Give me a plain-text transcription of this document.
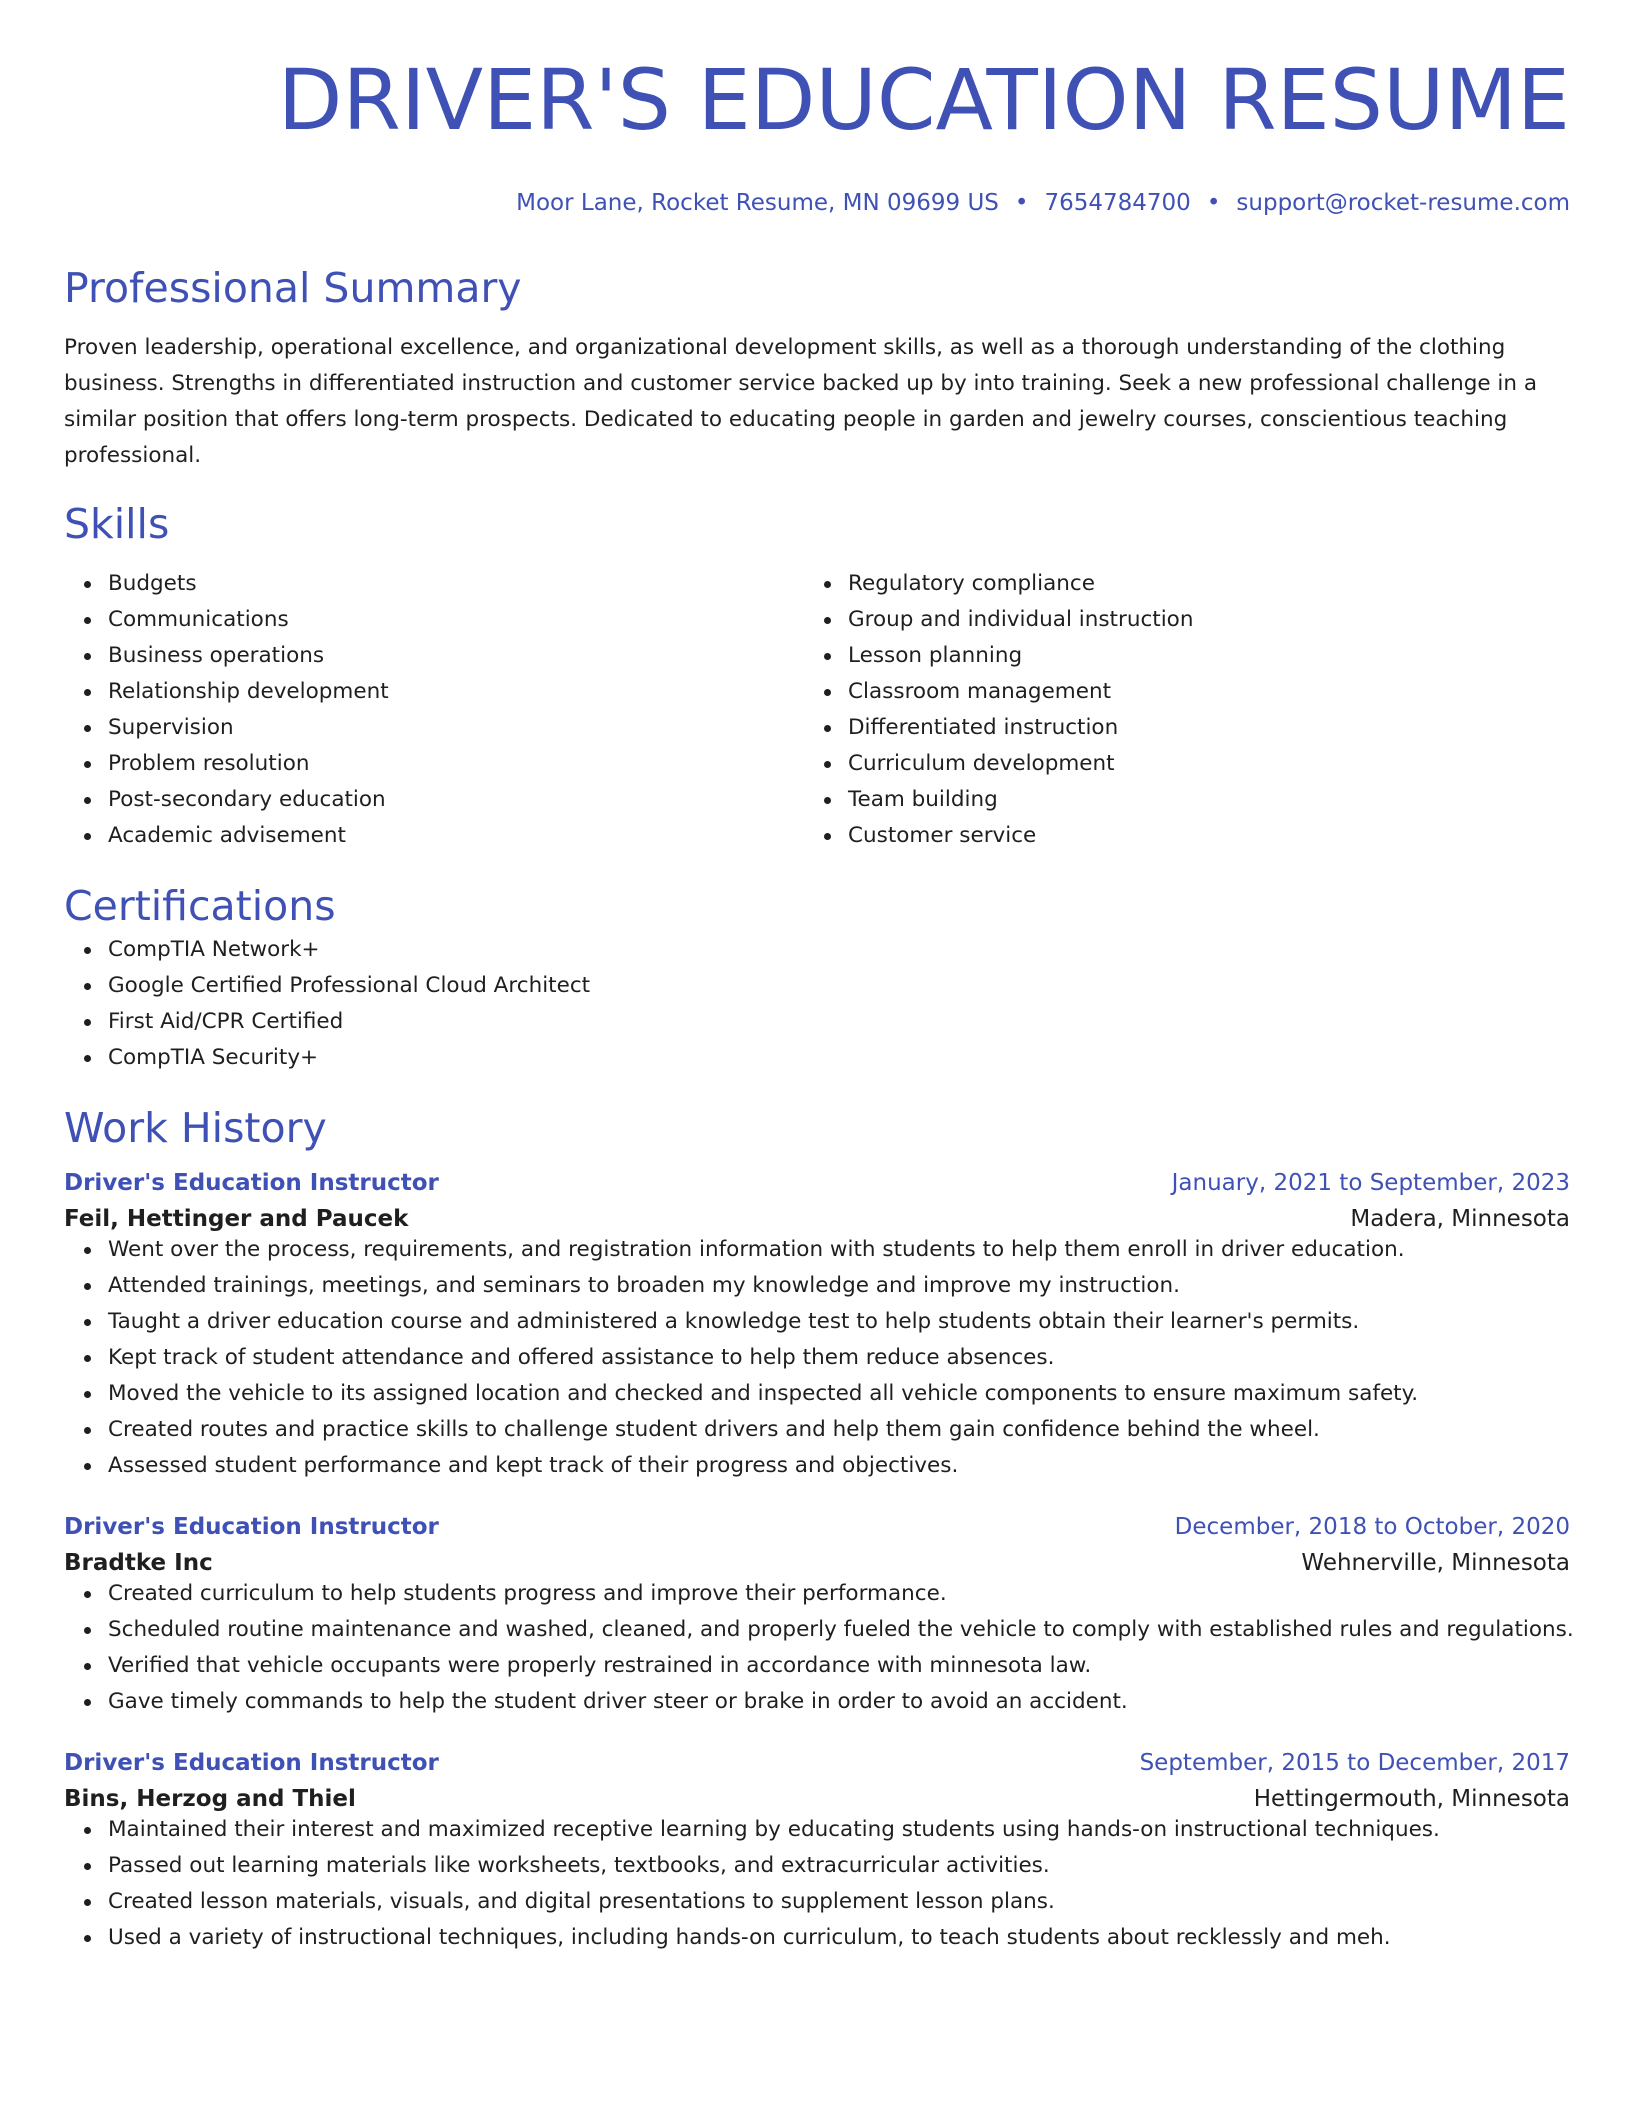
DRIVER'S EDUCATION RESUME
Moor Lane, Rocket Resume, MN 09699 US • 7654784700 • support@rocket-resume.com
Professional Summary

Proven leadership, operational excellence, and organizational development skills, as well as a thorough understanding of the clothing business. Strengths in differentiated instruction and customer service backed up by into training. Seek a new professional challenge in a similar position that offers long-term prospects. Dedicated to educating people in garden and jewelry courses, conscientious teaching professional.

Skills
Budgets
Communications
Business operations
Relationship development
Supervision
Problem resolution
Post-secondary education
Academic advisement
Regulatory compliance
Group and individual instruction
Lesson planning
Classroom management
Differentiated instruction
Curriculum development
Team building
Customer service
Certifications
CompTIA Network+
Google Certified Professional Cloud Architect
First Aid/CPR Certified
CompTIA Security+
Work History
Driver's Education Instructor	January, 2021 to September, 2023
Feil, Hettinger and Paucek	Madera, Minnesota
Went over the process, requirements, and registration information with students to help them enroll in driver education.
Attended trainings, meetings, and seminars to broaden my knowledge and improve my instruction.
Taught a driver education course and administered a knowledge test to help students obtain their learner's permits.
Kept track of student attendance and offered assistance to help them reduce absences.
Moved the vehicle to its assigned location and checked and inspected all vehicle components to ensure maximum safety.
Created routes and practice skills to challenge student drivers and help them gain confidence behind the wheel.
Assessed student performance and kept track of their progress and objectives.
Driver's Education Instructor	December, 2018 to October, 2020
Bradtke Inc	Wehnerville, Minnesota
Created curriculum to help students progress and improve their performance.
Scheduled routine maintenance and washed, cleaned, and properly fueled the vehicle to comply with established rules and regulations.
Verified that vehicle occupants were properly restrained in accordance with minnesota law.
Gave timely commands to help the student driver steer or brake in order to avoid an accident.
Driver's Education Instructor	September, 2015 to December, 2017
Bins, Herzog and Thiel	Hettingermouth, Minnesota
Maintained their interest and maximized receptive learning by educating students using hands-on instructional techniques.
Passed out learning materials like worksheets, textbooks, and extracurricular activities.
Created lesson materials, visuals, and digital presentations to supplement lesson plans.
Used a variety of instructional techniques, including hands-on curriculum, to teach students about recklessly and meh.
